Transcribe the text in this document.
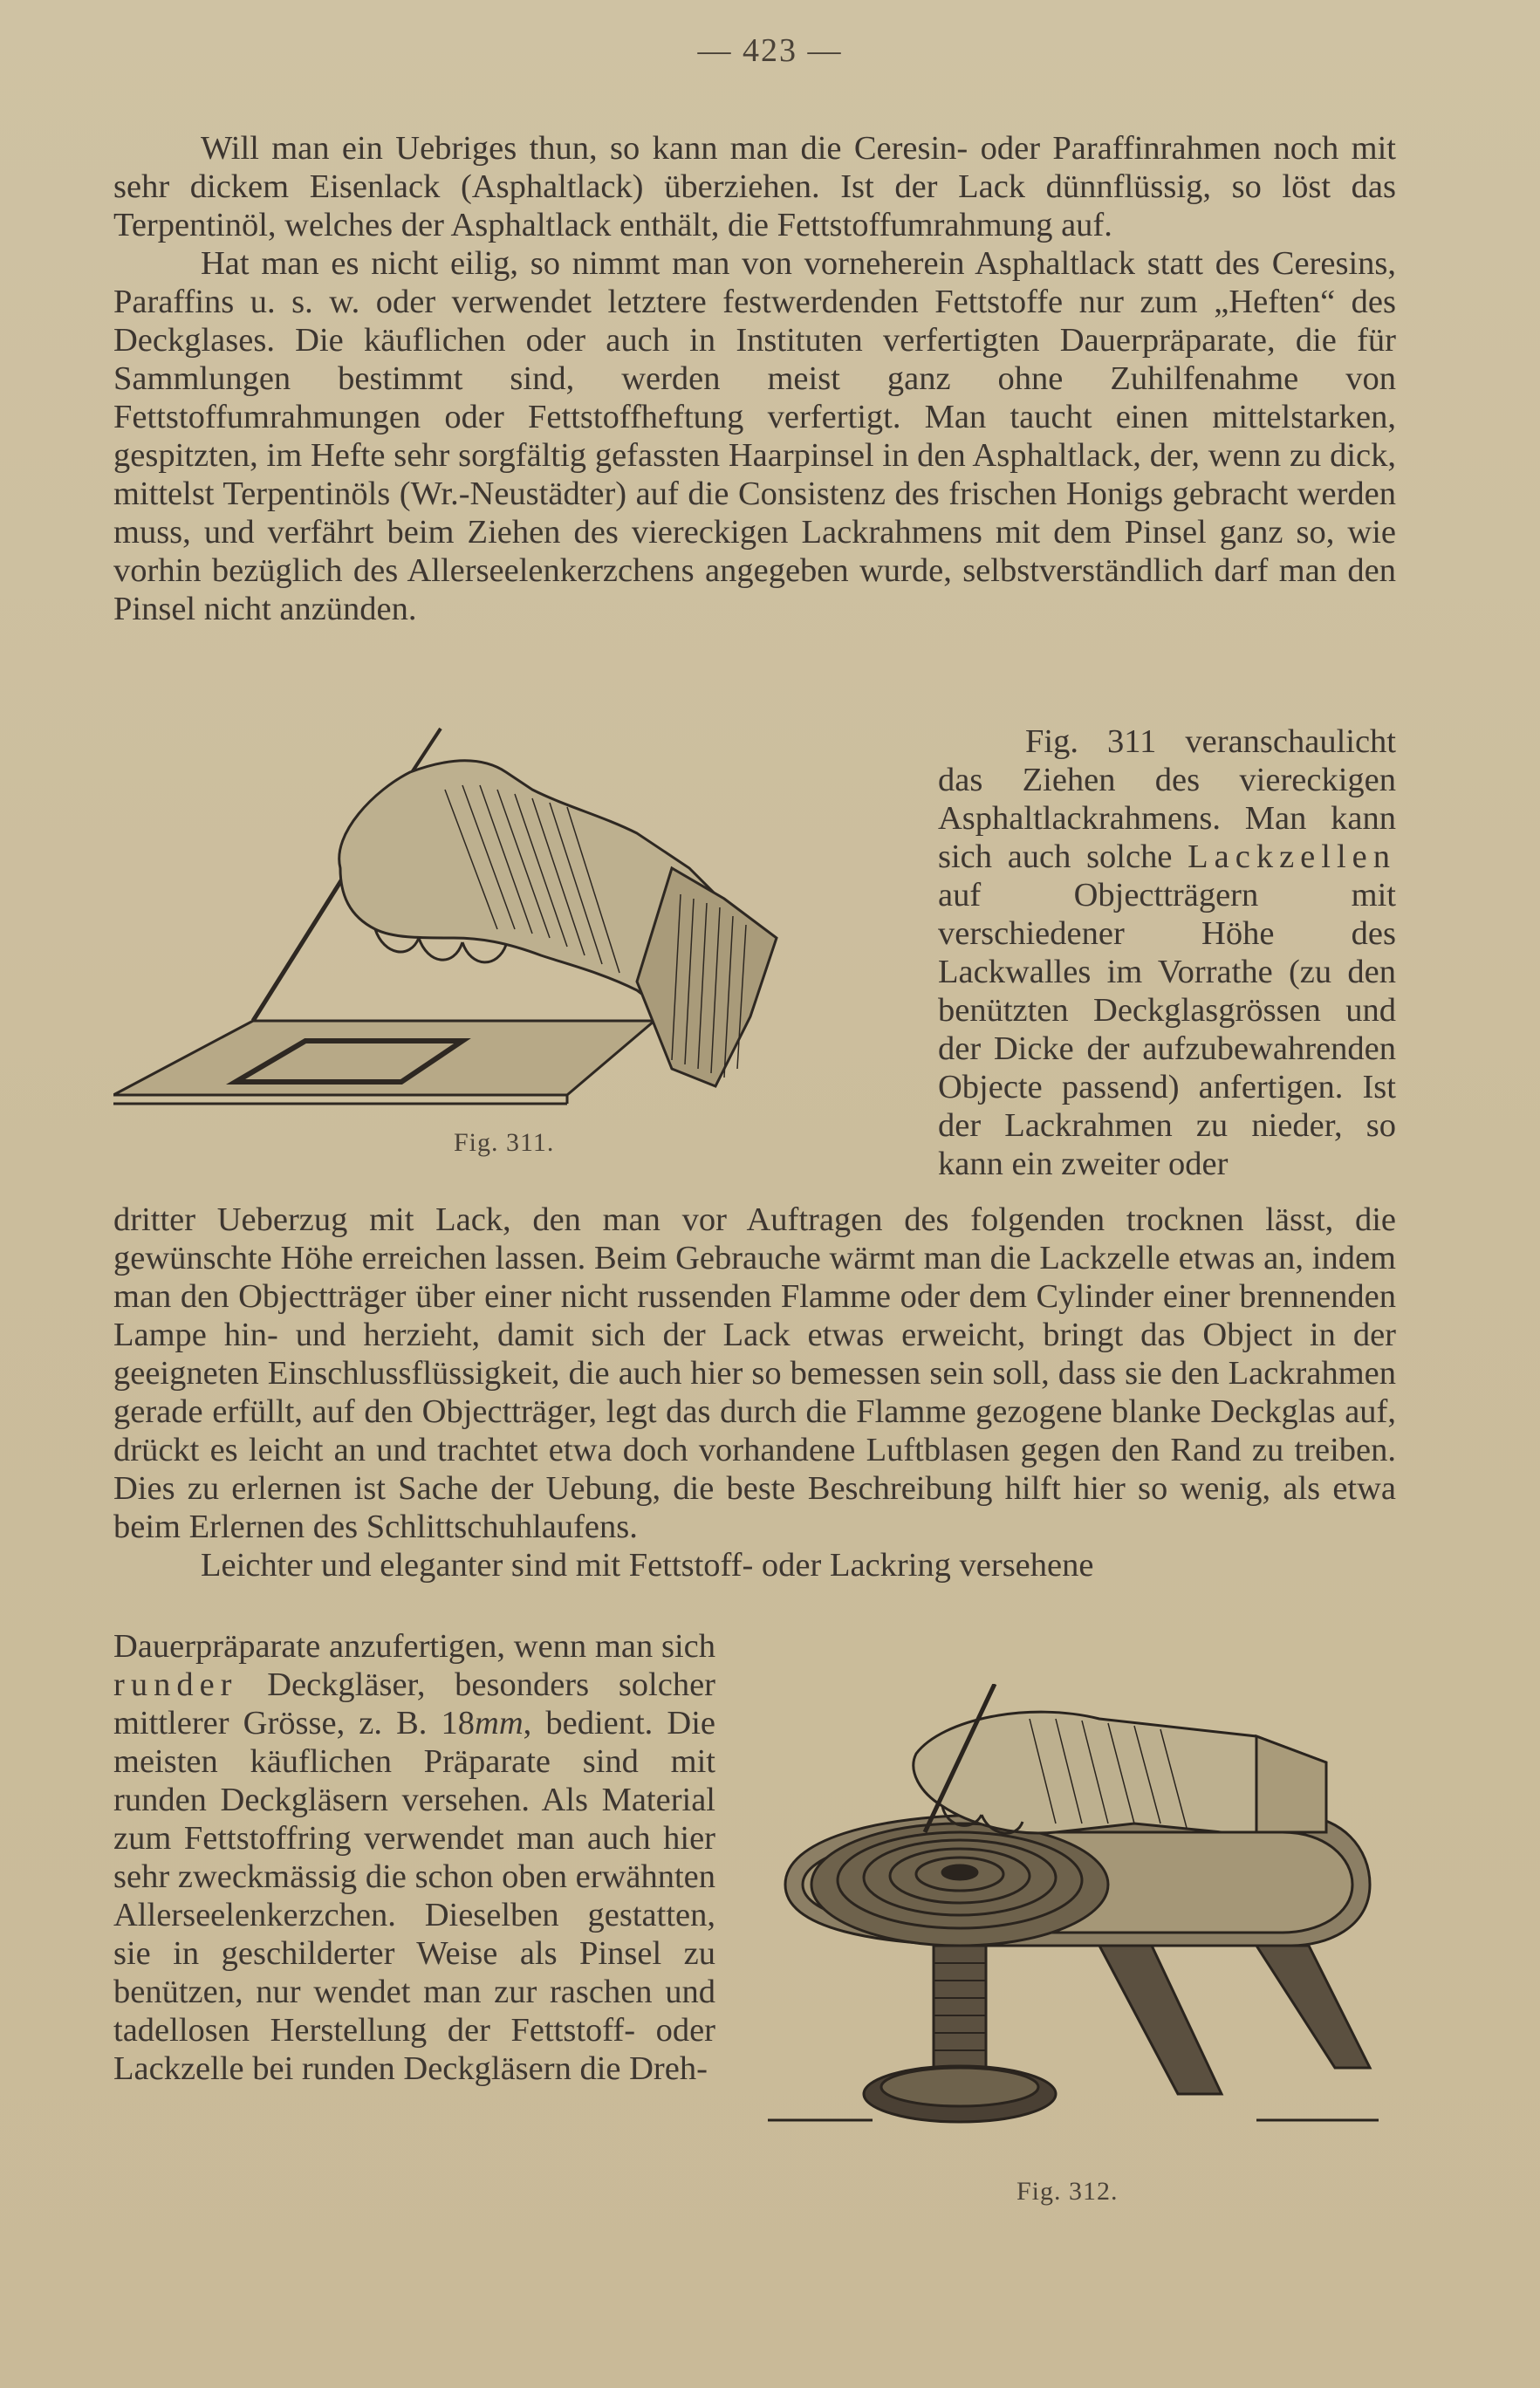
— 423 —

Will man ein Uebriges thun, so kann man die Ceresin- oder Paraffinrahmen noch mit sehr dickem Eisenlack (Asphaltlack) überziehen. Ist der Lack dünnflüssig, so löst das Terpentinöl, welches der Asphaltlack enthält, die Fettstoffumrahmung auf.

Hat man es nicht eilig, so nimmt man von vorneherein Asphaltlack statt des Ceresins, Paraffins u. s. w. oder verwendet letztere festwerdenden Fettstoffe nur zum „Heften“ des Deckglases. Die käuflichen oder auch in Instituten verfertigten Dauerpräparate, die für Sammlungen bestimmt sind, werden meist ganz ohne Zuhilfenahme von Fettstoffumrahmungen oder Fettstoffheftung verfertigt. Man taucht einen mittelstarken, gespitzten, im Hefte sehr sorgfältig gefassten Haarpinsel in den Asphaltlack, der, wenn zu dick, mittelst Terpentinöls (Wr.-Neustädter) auf die Consistenz des frischen Honigs gebracht werden muss, und verfährt beim Ziehen des viereckigen Lackrahmens mit dem Pinsel ganz so, wie vorhin bezüglich des Allerseelenkerzchens angegeben wurde, selbstverständlich darf man den Pinsel nicht anzünden.

Fig. 311.

Fig. 311 veranschaulicht das Ziehen des viereckigen Asphaltlackrahmens. Man kann sich auch solche Lackzellen auf Objectträgern mit verschiedener Höhe des Lackwalles im Vorrathe (zu den benützten Deckglasgrössen und der Dicke der aufzubewahrenden Objecte passend) anfertigen. Ist der Lackrahmen zu nieder, so kann ein zweiter oder

dritter Ueberzug mit Lack, den man vor Auftragen des folgenden trocknen lässt, die gewünschte Höhe erreichen lassen. Beim Gebrauche wärmt man die Lackzelle etwas an, indem man den Objectträger über einer nicht russenden Flamme oder dem Cylinder einer brennenden Lampe hin- und herzieht, damit sich der Lack etwas erweicht, bringt das Object in der geeigneten Einschlussflüssigkeit, die auch hier so bemessen sein soll, dass sie den Lackrahmen gerade erfüllt, auf den Objectträger, legt das durch die Flamme gezogene blanke Deckglas auf, drückt es leicht an und trachtet etwa doch vorhandene Luftblasen gegen den Rand zu treiben. Dies zu erlernen ist Sache der Uebung, die beste Beschreibung hilft hier so wenig, als etwa beim Erlernen des Schlittschuhlaufens.

Leichter und eleganter sind mit Fettstoff- oder Lackring versehene

Dauerpräparate anzufertigen, wenn man sich runder Deckgläser, besonders solcher mittlerer Grösse, z. B. 18mm, bedient. Die meisten käuflichen Präparate sind mit runden Deckgläsern versehen. Als Material zum Fettstoffring verwendet man auch hier sehr zweckmässig die schon oben erwähnten Allerseelenkerzchen. Dieselben gestatten, sie in geschilderter Weise als Pinsel zu benützen, nur wendet man zur raschen und tadellosen Herstellung der Fettstoff- oder Lackzelle bei runden Deckgläsern die Dreh-

Fig. 312.
